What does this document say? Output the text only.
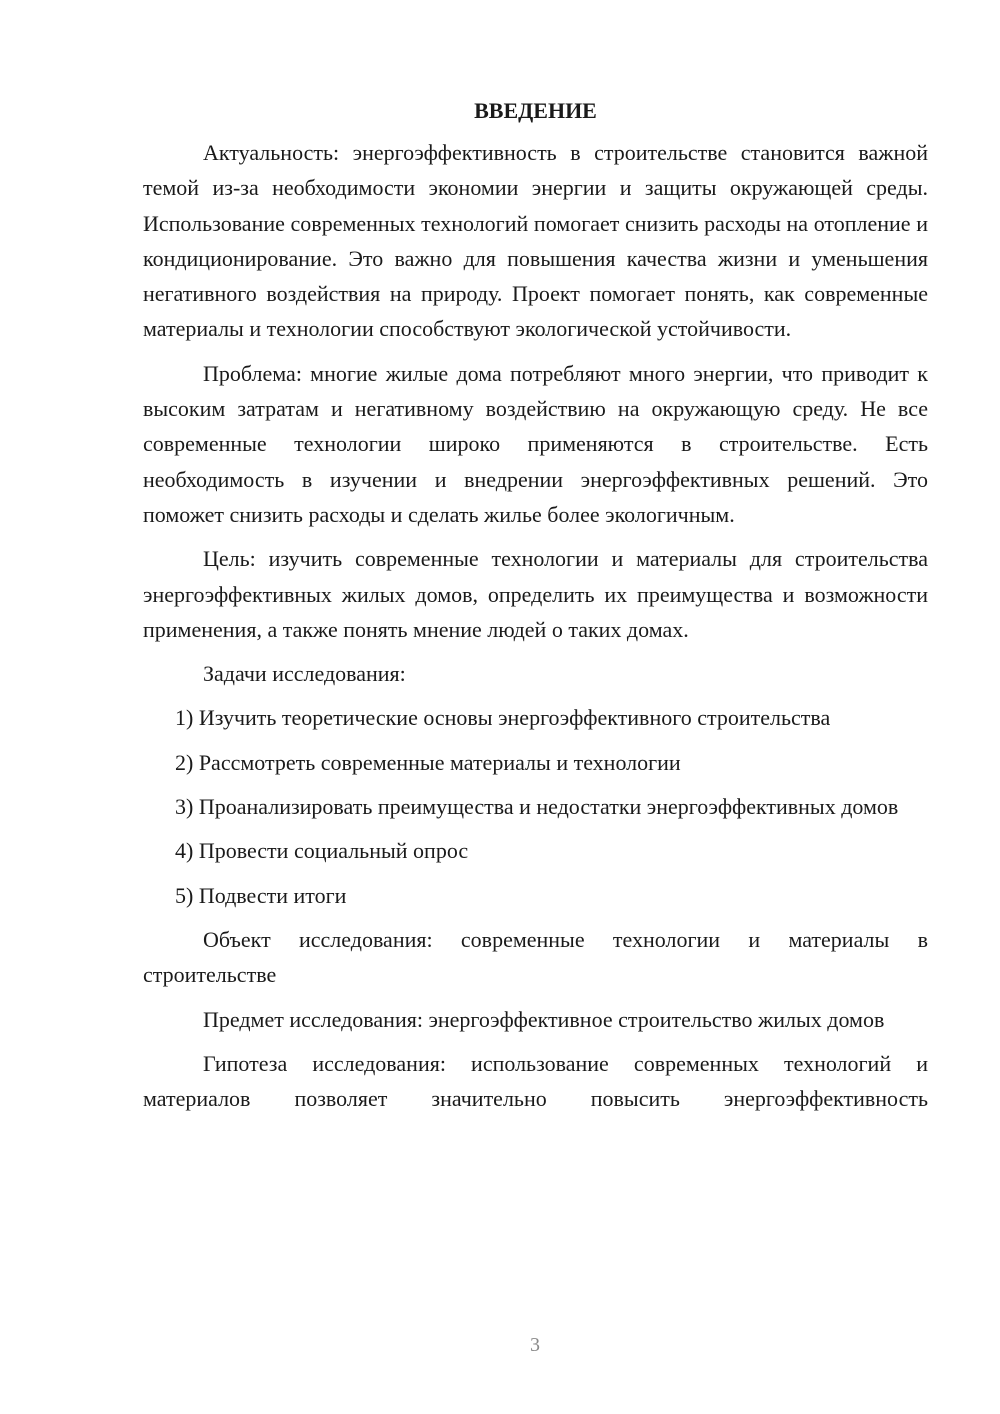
ВВЕДЕНИЕ

Актуальность: энергоэффективность в строительстве становится важной темой из-за необходимости экономии энергии и защиты окружающей среды. Использование современных технологий помогает снизить расходы на отопление и кондиционирование. Это важно для повышения качества жизни и уменьшения негативного воздействия на природу. Проект помогает понять, как современные материалы и технологии способствуют экологической устойчивости.

Проблема: многие жилые дома потребляют много энергии, что приводит к высоким затратам и негативному воздействию на окружающую среду. Не все современные технологии широко применяются в строительстве. Есть необходимость в изучении и внедрении энергоэффективных решений. Это поможет снизить расходы и сделать жилье более экологичным.

Цель: изучить современные технологии и материалы для строительства энергоэффективных жилых домов, определить их преимущества и возможности применения, а также понять мнение людей о таких домах.

Задачи исследования:

1) Изучить теоретические основы энергоэффективного строительства

2) Рассмотреть современные материалы и технологии

3) Проанализировать преимущества и недостатки энергоэффективных домов

4) Провести социальный опрос

5) Подвести итоги

Объект исследования: современные технологии и материалы в строительстве

Предмет исследования: энергоэффективное строительство жилых домов

Гипотеза исследования: использование современных технологий и материалов позволяет значительно повысить энергоэффективность

3
